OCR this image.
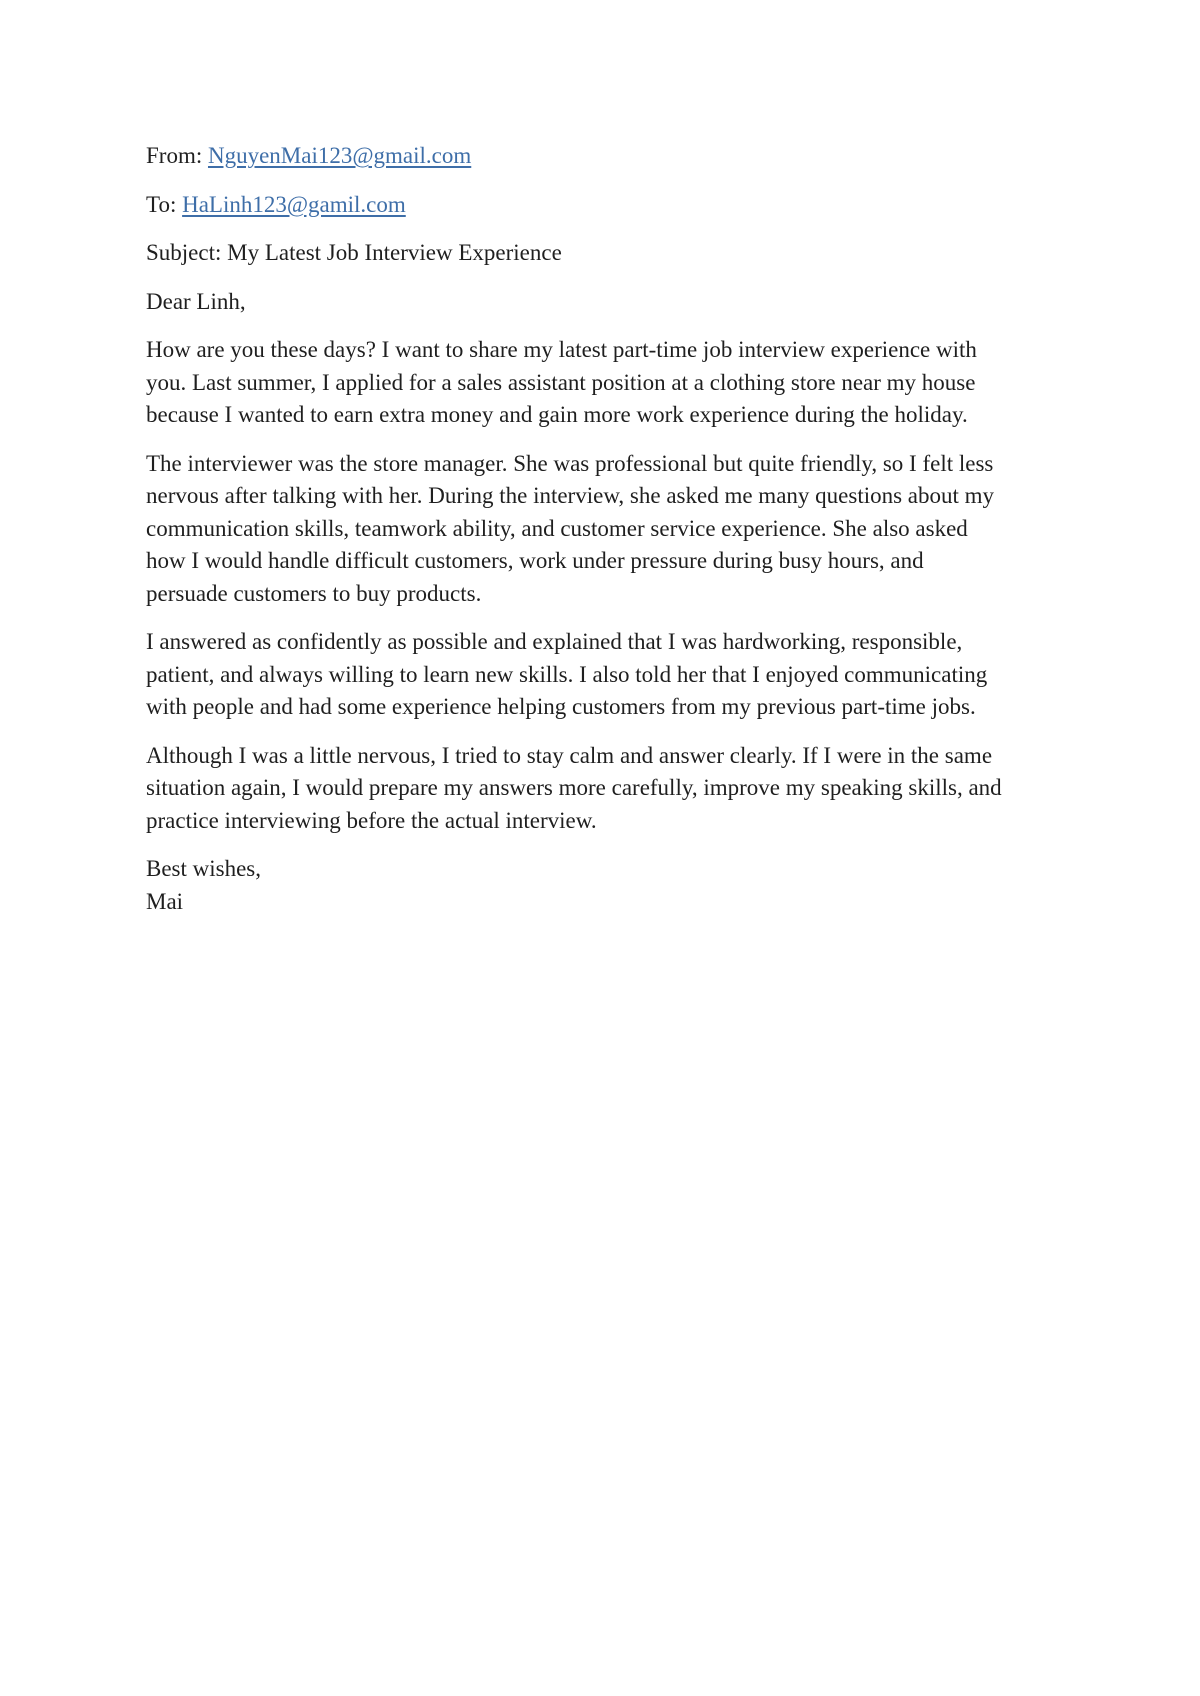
From: NguyenMai123@gmail.com

To: HaLinh123@gamil.com

Subject: My Latest Job Interview Experience

Dear Linh,

How are you these days? I want to share my latest part-time job interview experience with
you. Last summer, I applied for a sales assistant position at a clothing store near my house
because I wanted to earn extra money and gain more work experience during the holiday.

The interviewer was the store manager. She was professional but quite friendly, so I felt less
nervous after talking with her. During the interview, she asked me many questions about my
communication skills, teamwork ability, and customer service experience. She also asked
how I would handle difficult customers, work under pressure during busy hours, and
persuade customers to buy products.

I answered as confidently as possible and explained that I was hardworking, responsible,
patient, and always willing to learn new skills. I also told her that I enjoyed communicating
with people and had some experience helping customers from my previous part-time jobs.

Although I was a little nervous, I tried to stay calm and answer clearly. If I were in the same
situation again, I would prepare my answers more carefully, improve my speaking skills, and
practice interviewing before the actual interview.

Best wishes,
Mai
